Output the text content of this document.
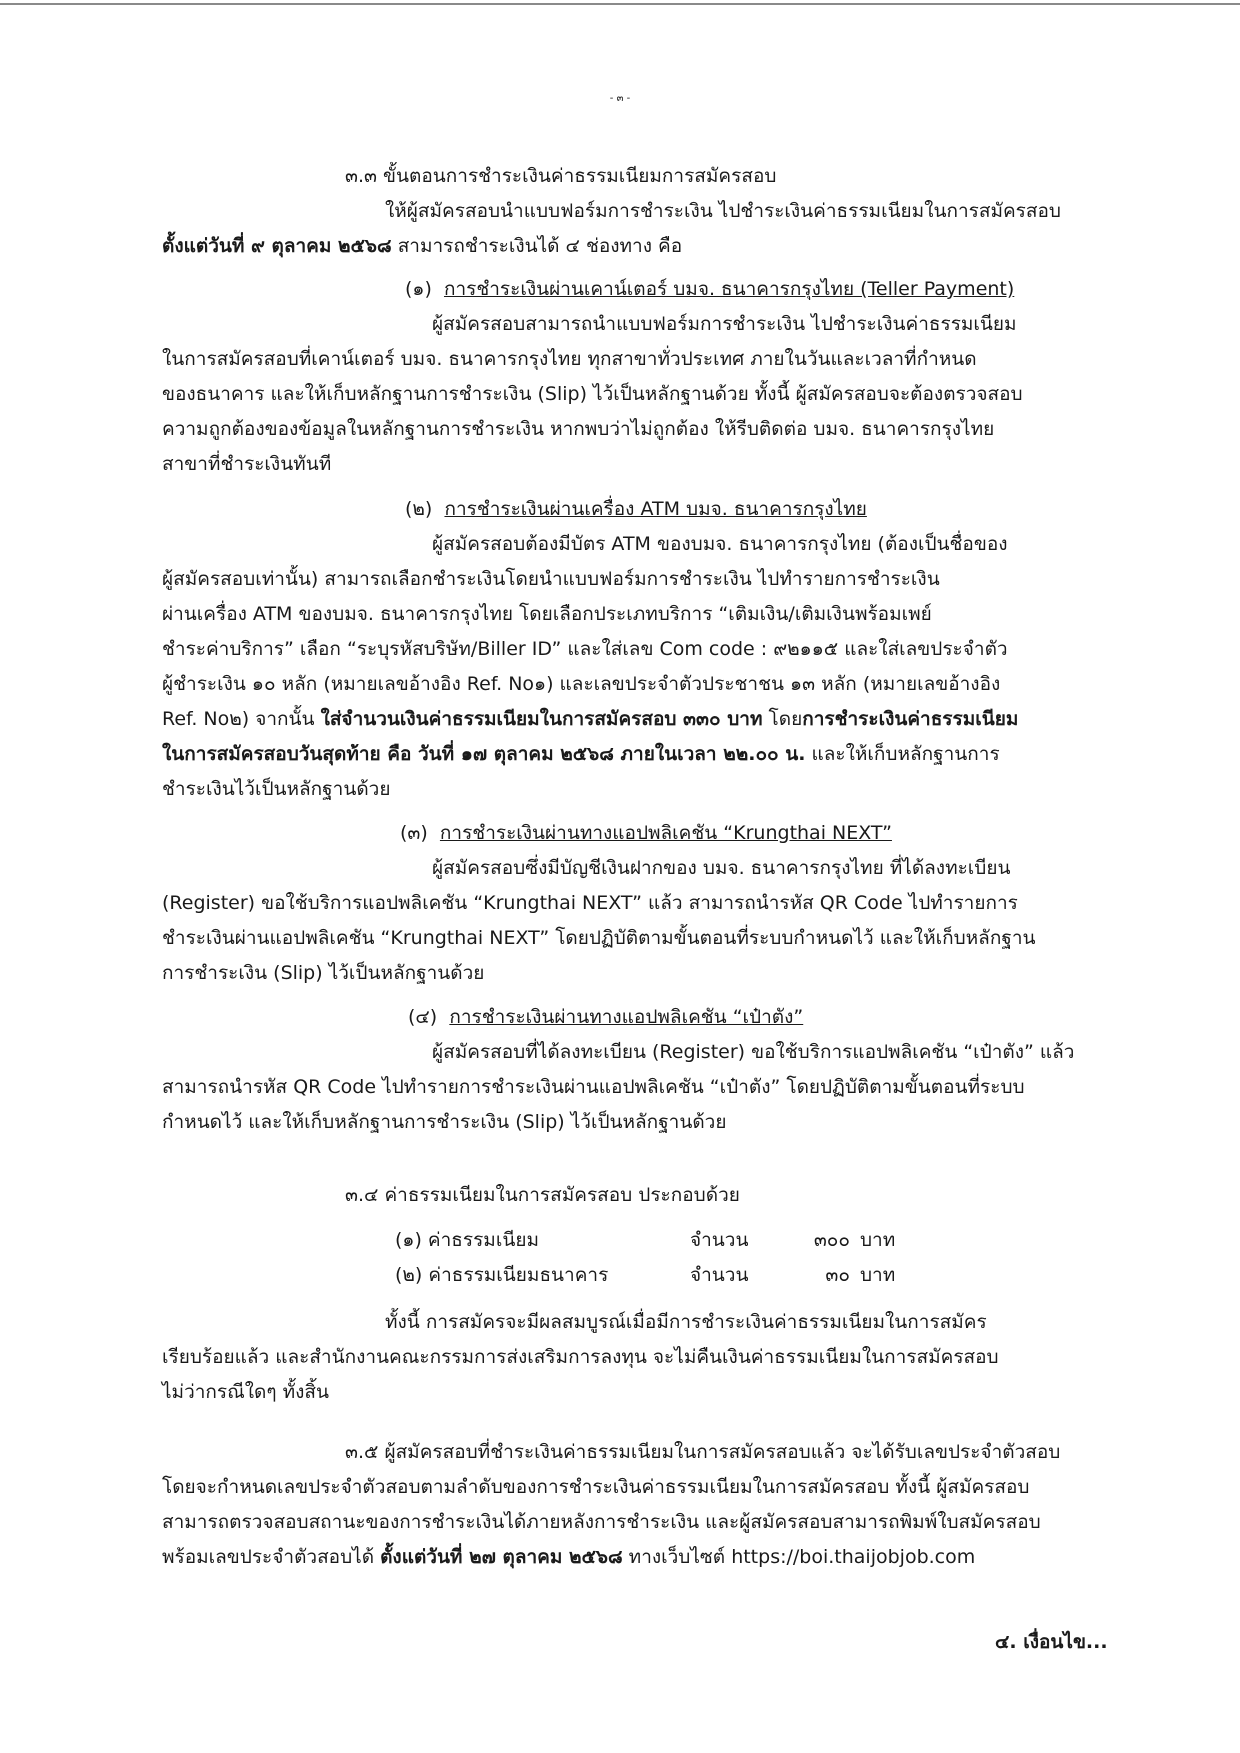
- ๓ -
๓.๓ ขั้นตอนการชำระเงินค่าธรรมเนียมการสมัครสอบ
ให้ผู้สมัครสอบนำแบบฟอร์มการชำระเงิน ไปชำระเงินค่าธรรมเนียมในการสมัครสอบ
ตั้งแต่วันที่ ๙ ตุลาคม ๒๕๖๘ สามารถชำระเงินได้ ๔ ช่องทาง คือ
(๑) การชำระเงินผ่านเคาน์เตอร์ บมจ. ธนาคารกรุงไทย (Teller Payment)
ผู้สมัครสอบสามารถนำแบบฟอร์มการชำระเงิน ไปชำระเงินค่าธรรมเนียม
ในการสมัครสอบที่เคาน์เตอร์ บมจ. ธนาคารกรุงไทย ทุกสาขาทั่วประเทศ ภายในวันและเวลาที่กำหนด
ของธนาคาร และให้เก็บหลักฐานการชำระเงิน (Slip) ไว้เป็นหลักฐานด้วย ทั้งนี้ ผู้สมัครสอบจะต้องตรวจสอบ
ความถูกต้องของข้อมูลในหลักฐานการชำระเงิน หากพบว่าไม่ถูกต้อง ให้รีบติดต่อ บมจ. ธนาคารกรุงไทย
สาขาที่ชำระเงินทันที
(๒) การชำระเงินผ่านเครื่อง ATM บมจ. ธนาคารกรุงไทย
ผู้สมัครสอบต้องมีบัตร ATM ของบมจ. ธนาคารกรุงไทย (ต้องเป็นชื่อของ
ผู้สมัครสอบเท่านั้น) สามารถเลือกชำระเงินโดยนำแบบฟอร์มการชำระเงิน ไปทำรายการชำระเงิน
ผ่านเครื่อง ATM ของบมจ. ธนาคารกรุงไทย โดยเลือกประเภทบริการ “เติมเงิน/เติมเงินพร้อมเพย์
ชำระค่าบริการ” เลือก “ระบุรหัสบริษัท/Biller ID” และใส่เลข Com code : ๙๒๑๑๕ และใส่เลขประจำตัว
ผู้ชำระเงิน ๑๐ หลัก (หมายเลขอ้างอิง Ref. No๑) และเลขประจำตัวประชาชน ๑๓ หลัก (หมายเลขอ้างอิง
Ref. No๒) จากนั้น ใส่จำนวนเงินค่าธรรมเนียมในการสมัครสอบ ๓๓๐ บาท โดยการชำระเงินค่าธรรมเนียม
ในการสมัครสอบวันสุดท้าย คือ วันที่ ๑๗ ตุลาคม ๒๕๖๘ ภายในเวลา ๒๒.๐๐ น. และให้เก็บหลักฐานการ
ชำระเงินไว้เป็นหลักฐานด้วย
(๓) การชำระเงินผ่านทางแอปพลิเคชัน “Krungthai NEXT”
ผู้สมัครสอบซึ่งมีบัญชีเงินฝากของ บมจ. ธนาคารกรุงไทย ที่ได้ลงทะเบียน
(Register) ขอใช้บริการแอปพลิเคชัน “Krungthai NEXT” แล้ว สามารถนำรหัส QR Code ไปทำรายการ
ชำระเงินผ่านแอปพลิเคชัน “Krungthai NEXT” โดยปฏิบัติตามขั้นตอนที่ระบบกำหนดไว้ และให้เก็บหลักฐาน
การชำระเงิน (Slip) ไว้เป็นหลักฐานด้วย
(๔) การชำระเงินผ่านทางแอปพลิเคชัน “เป๋าตัง”
ผู้สมัครสอบที่ได้ลงทะเบียน (Register) ขอใช้บริการแอปพลิเคชัน “เป๋าตัง” แล้ว
สามารถนำรหัส QR Code ไปทำรายการชำระเงินผ่านแอปพลิเคชัน “เป๋าตัง” โดยปฏิบัติตามขั้นตอนที่ระบบ
กำหนดไว้ และให้เก็บหลักฐานการชำระเงิน (Slip) ไว้เป็นหลักฐานด้วย
๓.๔ ค่าธรรมเนียมในการสมัครสอบ ประกอบด้วย
(๑) ค่าธรรมเนียม	จำนวน	๓๐๐ บาท
(๒) ค่าธรรมเนียมธนาคาร	จำนวน	๓๐ บาท
ทั้งนี้ การสมัครจะมีผลสมบูรณ์เมื่อมีการชำระเงินค่าธรรมเนียมในการสมัคร
เรียบร้อยแล้ว และสำนักงานคณะกรรมการส่งเสริมการลงทุน จะไม่คืนเงินค่าธรรมเนียมในการสมัครสอบ
ไม่ว่ากรณีใดๆ ทั้งสิ้น
๓.๕ ผู้สมัครสอบที่ชำระเงินค่าธรรมเนียมในการสมัครสอบแล้ว จะได้รับเลขประจำตัวสอบ
โดยจะกำหนดเลขประจำตัวสอบตามลำดับของการชำระเงินค่าธรรมเนียมในการสมัครสอบ ทั้งนี้ ผู้สมัครสอบ
สามารถตรวจสอบสถานะของการชำระเงินได้ภายหลังการชำระเงิน และผู้สมัครสอบสามารถพิมพ์ใบสมัครสอบ
พร้อมเลขประจำตัวสอบได้ ตั้งแต่วันที่ ๒๗ ตุลาคม ๒๕๖๘ ทางเว็บไซต์ https://boi.thaijobjob.com
๔. เงื่อนไข...
